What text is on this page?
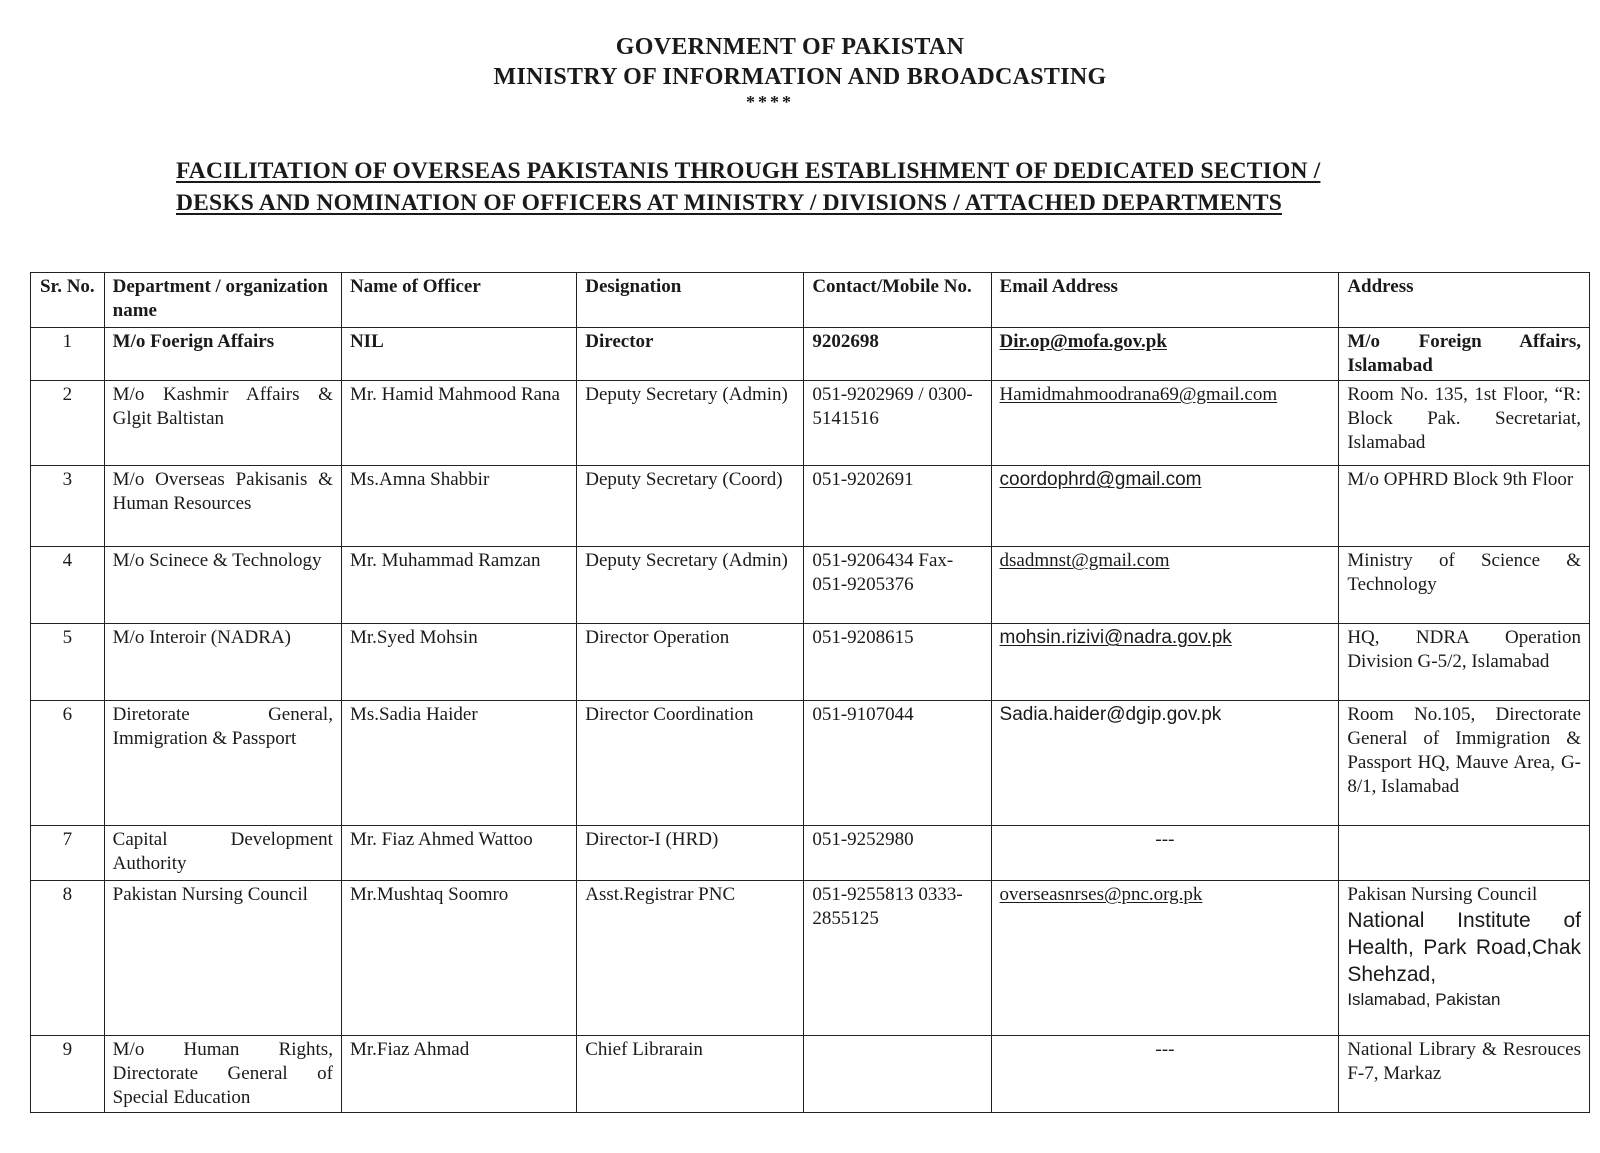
GOVERNMENT OF PAKISTAN
MINISTRY OF INFORMATION AND BROADCASTING
****
FACILITATION OF OVERSEAS PAKISTANIS THROUGH ESTABLISHMENT OF DEDICATED SECTION /
DESKS AND NOMINATION OF OFFICERS AT MINISTRY / DIVISIONS / ATTACHED DEPARTMENTS
Sr. No.	Department / organization name	Name of Officer	Designation	Contact/Mobile No.	Email Address	Address
1	M/o Foerign Affairs	NIL	Director	9202698	Dir.op@mofa.gov.pk	M/o Foreign Affairs, Islamabad
2	M/o Kashmir Affairs & Glgit Baltistan	Mr. Hamid Mahmood Rana	Deputy Secretary (Admin)	051-9202969 / 0300-5141516	Hamidmahmoodrana69@gmail.com	Room No. 135, 1st Floor, “R: Block Pak. Secretariat, Islamabad
3	M/o Overseas Pakisanis & Human Resources	Ms.Amna Shabbir	Deputy Secretary (Coord)	051-9202691	coordophrd@gmail.com	M/o OPHRD Block 9th Floor
4	M/o Scinece & Technology	Mr. Muhammad Ramzan	Deputy Secretary (Admin)	051-9206434 Fax-051-9205376	dsadmnst@gmail.com	Ministry of Science & Technology
5	M/o Interoir (NADRA)	Mr.Syed Mohsin	Director Operation	051-9208615	mohsin.rizivi@nadra.gov.pk	HQ, NDRA Operation Division G-5/2, Islamabad
6	Diretorate General, Immigration & Passport	Ms.Sadia Haider	Director Coordination	051-9107044	Sadia.haider@dgip.gov.pk	Room No.105, Directorate General of Immigration & Passport HQ, Mauve Area, G-8/1, Islamabad
7	Capital Development Authority	Mr. Fiaz Ahmed Wattoo	Director-I (HRD)	051-9252980	---	
8	Pakistan Nursing Council	Mr.Mushtaq Soomro	Asst.Registrar PNC	051-9255813 0333-2855125	overseasnrses@pnc.org.pk	Pakisan Nursing Council
National Institute of Health, Park Road,Chak Shehzad,
Islamabad, Pakistan

9	M/o Human Rights, Directorate General of Special Education	Mr.Fiaz Ahmad	Chief Librarain		---	National Library & Resrouces F-7, Markaz
